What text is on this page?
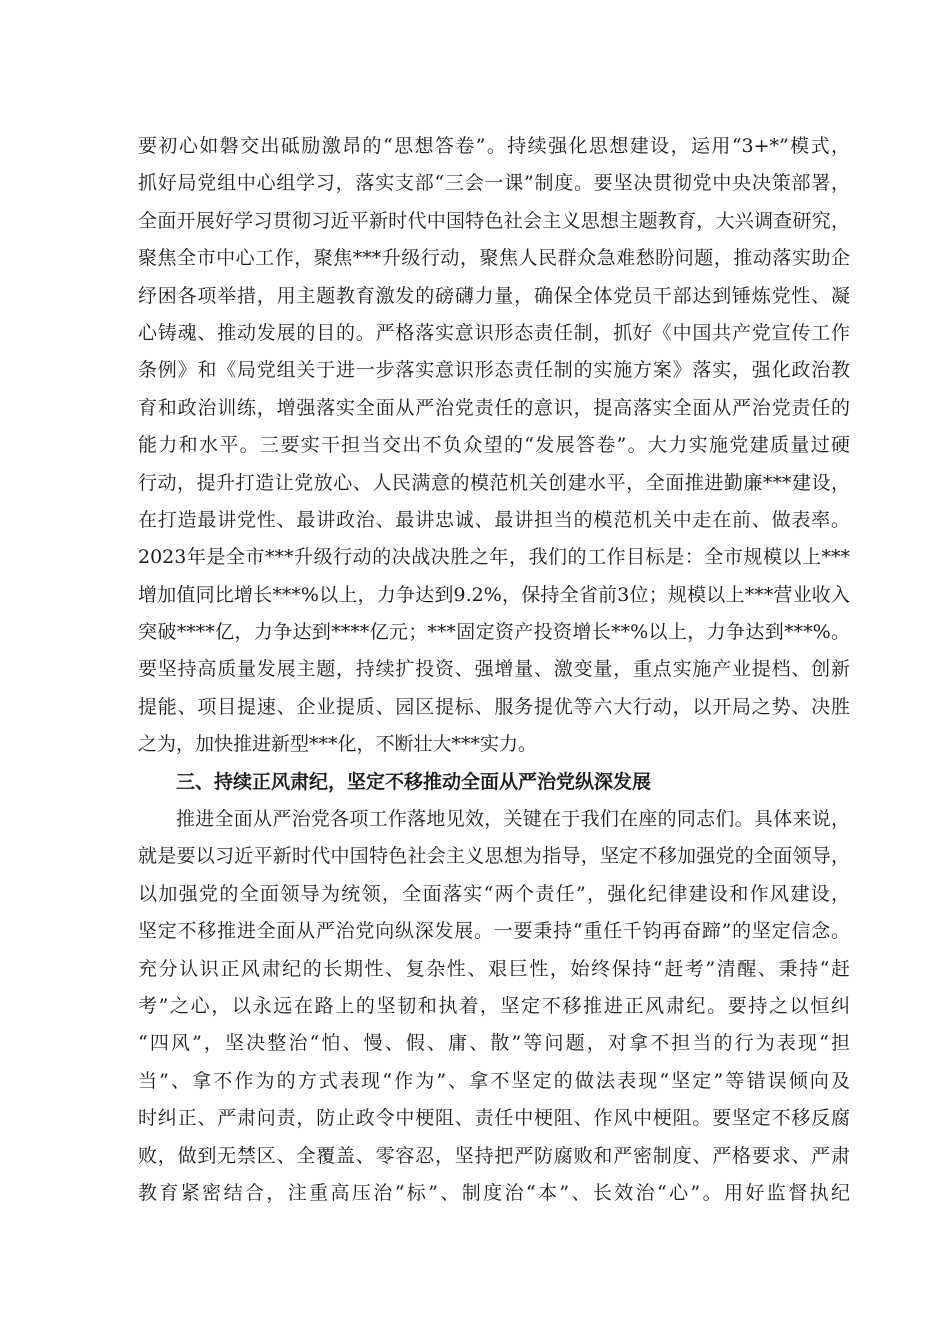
要初心如磐交出砥励激昂的“思想答卷”。持续强化思想建设，运用“3+*”模式，
抓好局党组中心组学习，落实支部“三会一课”制度。要坚决贯彻党中央决策部署，
全面开展好学习贯彻习近平新时代中国特色社会主义思想主题教育，大兴调查研究，
聚焦全市中心工作，聚焦***升级行动，聚焦人民群众急难愁盼问题，推动落实助企
纾困各项举措，用主题教育激发的磅礴力量，确保全体党员干部达到锤炼党性、凝
心铸魂、推动发展的目的。严格落实意识形态责任制，抓好《中国共产党宣传工作
条例》和《局党组关于进一步落实意识形态责任制的实施方案》落实，强化政治教
育和政治训练，增强落实全面从严治党责任的意识，提高落实全面从严治党责任的
能力和水平。三要实干担当交出不负众望的“发展答卷”。大力实施党建质量过硬
行动，提升打造让党放心、人民满意的模范机关创建水平，全面推进勤廉***建设，
在打造最讲党性、最讲政治、最讲忠诚、最讲担当的模范机关中走在前、做表率。
2023年是全市***升级行动的决战决胜之年，我们的工作目标是：全市规模以上***
增加值同比增长***%以上，力争达到9.2%，保持全省前3位；规模以上***营业收入
突破****亿，力争达到****亿元；***固定资产投资增长**%以上，力争达到***%。
要坚持高质量发展主题，持续扩投资、强增量、激变量，重点实施产业提档、创新
提能、项目提速、企业提质、园区提标、服务提优等六大行动，以开局之势、决胜
之为，加快推进新型***化，不断壮大***实力。
三、持续正风肃纪，坚定不移推动全面从严治党纵深发展
推进全面从严治党各项工作落地见效，关键在于我们在座的同志们。具体来说，
就是要以习近平新时代中国特色社会主义思想为指导，坚定不移加强党的全面领导，
以加强党的全面领导为统领，全面落实“两个责任”，强化纪律建设和作风建设，
坚定不移推进全面从严治党向纵深发展。一要秉持“重任千钧再奋蹄”的坚定信念。
充分认识正风肃纪的长期性、复杂性、艰巨性，始终保持“赶考”清醒、秉持“赶
考”之心，以永远在路上的坚韧和执着，坚定不移推进正风肃纪。要持之以恒纠
“四风”，坚决整治“怕、慢、假、庸、散”等问题，对拿不担当的行为表现“担
当”、拿不作为的方式表现“作为”、拿不坚定的做法表现“坚定”等错误倾向及
时纠正、严肃问责，防止政令中梗阻、责任中梗阻、作风中梗阻。要坚定不移反腐
败，做到无禁区、全覆盖、零容忍，坚持把严防腐败和严密制度、严格要求、严肃
教育紧密结合，注重高压治“标”、制度治“本”、长效治“心”。用好监督执纪
